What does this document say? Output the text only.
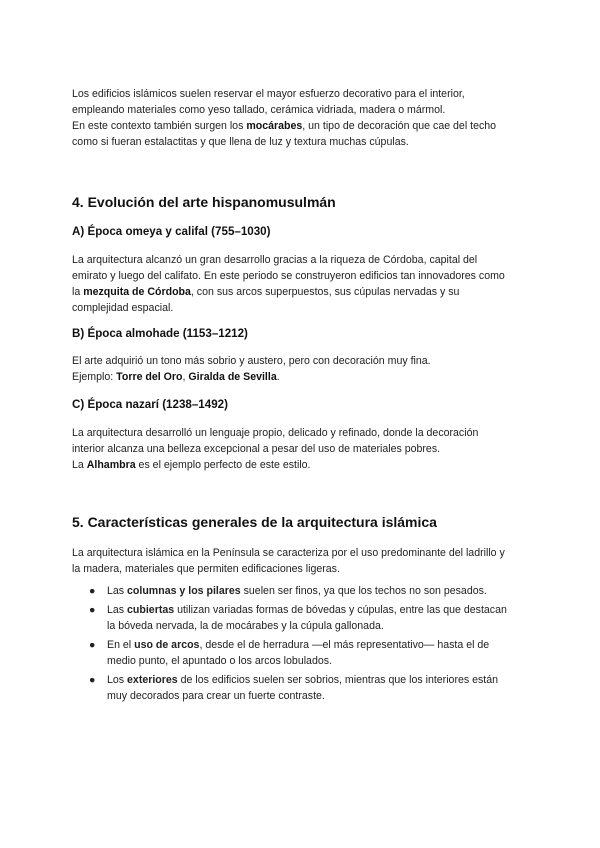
Los edificios islámicos suelen reservar el mayor esfuerzo decorativo para el interior,
empleando materiales como yeso tallado, cerámica vidriada, madera o mármol.
En este contexto también surgen los mocárabes, un tipo de decoración que cae del techo
como si fueran estalactitas y que llena de luz y textura muchas cúpulas.

4. Evolución del arte hispanomusulmán
A) Época omeya y califal (755–1030)

La arquitectura alcanzó un gran desarrollo gracias a la riqueza de Córdoba, capital del
emirato y luego del califato. En este periodo se construyeron edificios tan innovadores como
la mezquita de Córdoba, con sus arcos superpuestos, sus cúpulas nervadas y su
complejidad espacial.

B) Época almohade (1153–1212)

El arte adquirió un tono más sobrio y austero, pero con decoración muy fina.
Ejemplo: Torre del Oro, Giralda de Sevilla.

C) Época nazarí (1238–1492)

La arquitectura desarrolló un lenguaje propio, delicado y refinado, donde la decoración
interior alcanza una belleza excepcional a pesar del uso de materiales pobres.
La Alhambra es el ejemplo perfecto de este estilo.

5. Características generales de la arquitectura islámica

La arquitectura islámica en la Península se caracteriza por el uso predominante del ladrillo y
la madera, materiales que permiten edificaciones ligeras.

● Las columnas y los pilares suelen ser finos, ya que los techos no son pesados.
● Las cubiertas utilizan variadas formas de bóvedas y cúpulas, entre las que destacan
la bóveda nervada, la de mocárabes y la cúpula gallonada.
● En el uso de arcos, desde el de herradura —el más representativo— hasta el de
medio punto, el apuntado o los arcos lobulados.
● Los exteriores de los edificios suelen ser sobrios, mientras que los interiores están
muy decorados para crear un fuerte contraste.
